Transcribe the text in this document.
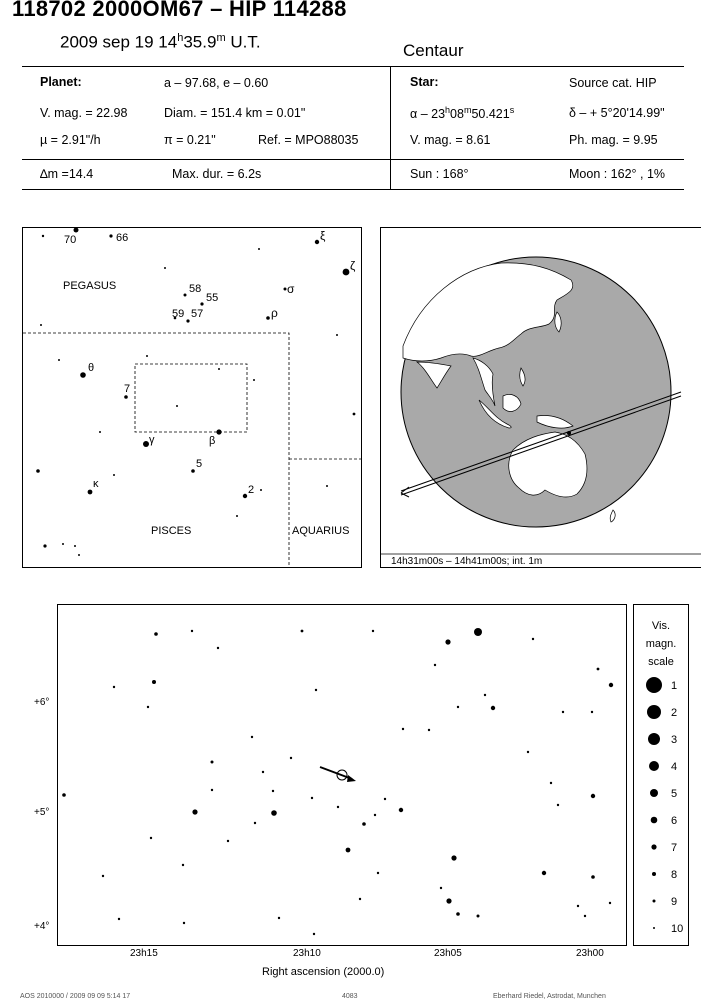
118702 2000OM67 – HIP 114288
2009 sep 19 14$^h$35.9$^m$ U.T.	Centaur
Planet:	a – 97.68, e – 0.60
V. mag. = 22.98	Diam. = 151.4 km = 0.01"
µ = 2.91"/h	π = 0.21"	Ref. = MPO88035
Star:	Source cat. HIP
α – 23$^h$08$^m$50.421$^s$	δ – + 5°20'14.99"
V. mag. = 8.61	Ph. mag. = 9.95
∆m =14.4	Max. dur. = 6.2s	Sun : 168°	Moon : 162° , 1%
PEGASUS
PISCES	AQUARIUS
70	66	ξ
ζ
σ
ρ
58
55
59 57
θ
7
γ	β
5
κ	2
14h31m00s – 14h41m00s; int. 1m
23h15	23h10	23h05	23h00
Right ascension (2000.0)
+6°
+5°
+4°
Vis.
magn.
scale
1
2
3
4
5
6
7
8
9
10
AOS 2010000 / 2009 09 09 5:14 17	4083	Eberhard Riedel, Astrodat, Munchen
